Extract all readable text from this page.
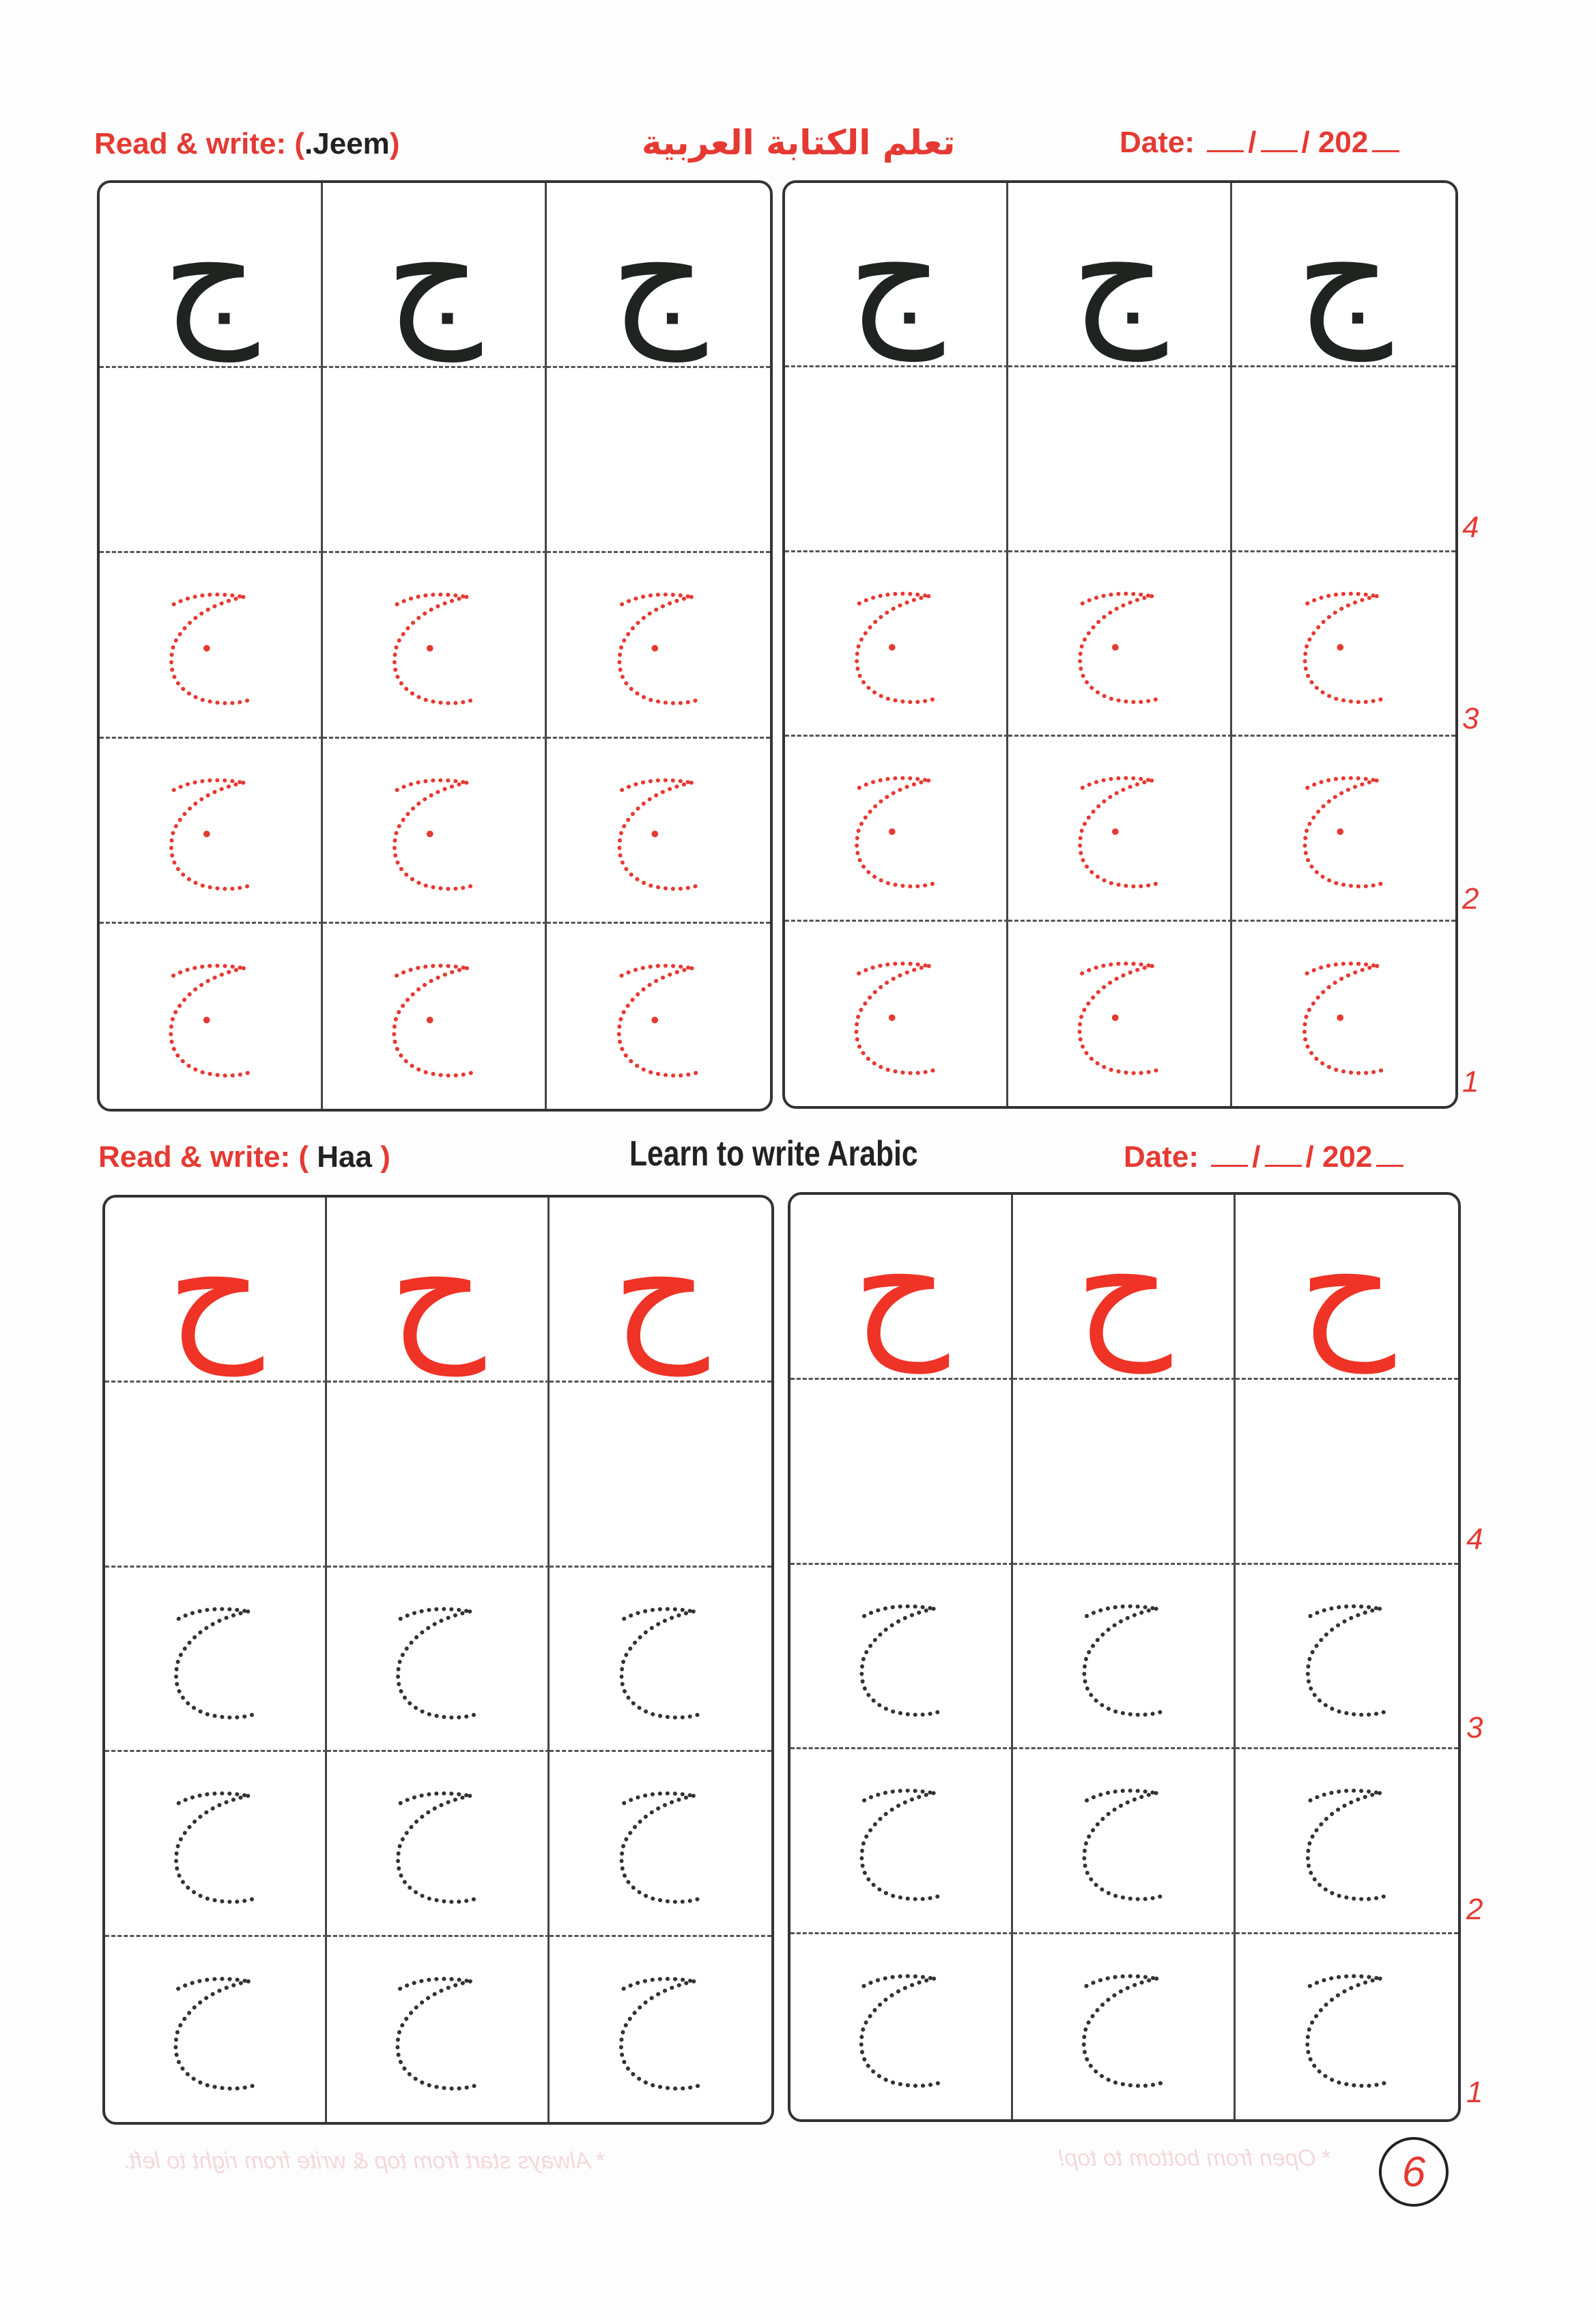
Read & write: (.Jeem)	تعلم الكتابة العربية	Date: / / 202
ج ج ج	ج ج ج
Read & write: ( Haa )	Learn to write Arabic	Date: / / 202
ح ح ح	ح ح ح
4
3
2
1
4
3
2
1
* Always start from top & write from right to left.	* Open from bottom to top!	6
